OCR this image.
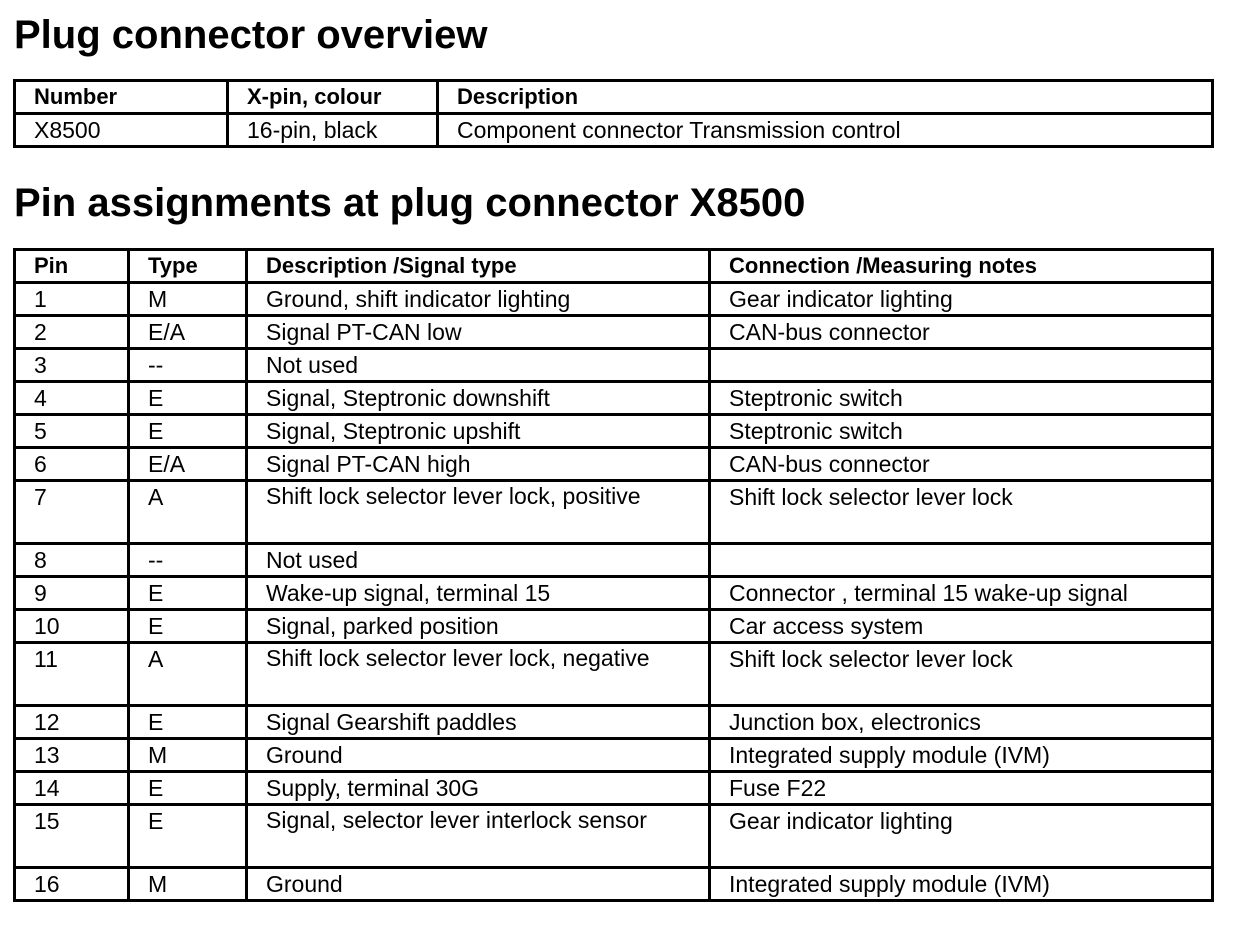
Plug connector overview
Number	X-pin, colour	Description
X8500	16-pin, black	Component connector Transmission control
Pin assignments at plug connector X8500
Pin	Type	Description /Signal type	Connection /Measuring notes
1	M	Ground, shift indicator lighting	Gear indicator lighting
2	E/A	Signal PT-CAN low	CAN-bus connector
3	--	Not used	
4	E	Signal, Steptronic downshift	Steptronic switch
5	E	Signal, Steptronic upshift	Steptronic switch
6	E/A	Signal PT-CAN high	CAN-bus connector
7	A	Shift lock selector lever lock, positive	Shift lock selector lever lock
8	--	Not used	
9	E	Wake-up signal, terminal 15	Connector , terminal 15 wake-up signal
10	E	Signal, parked position	Car access system
11	A	Shift lock selector lever lock, negative	Shift lock selector lever lock
12	E	Signal Gearshift paddles	Junction box, electronics
13	M	Ground	Integrated supply module (IVM)
14	E	Supply, terminal 30G	Fuse F22
15	E	Signal, selector lever interlock sensor	Gear indicator lighting
16	M	Ground	Integrated supply module (IVM)
